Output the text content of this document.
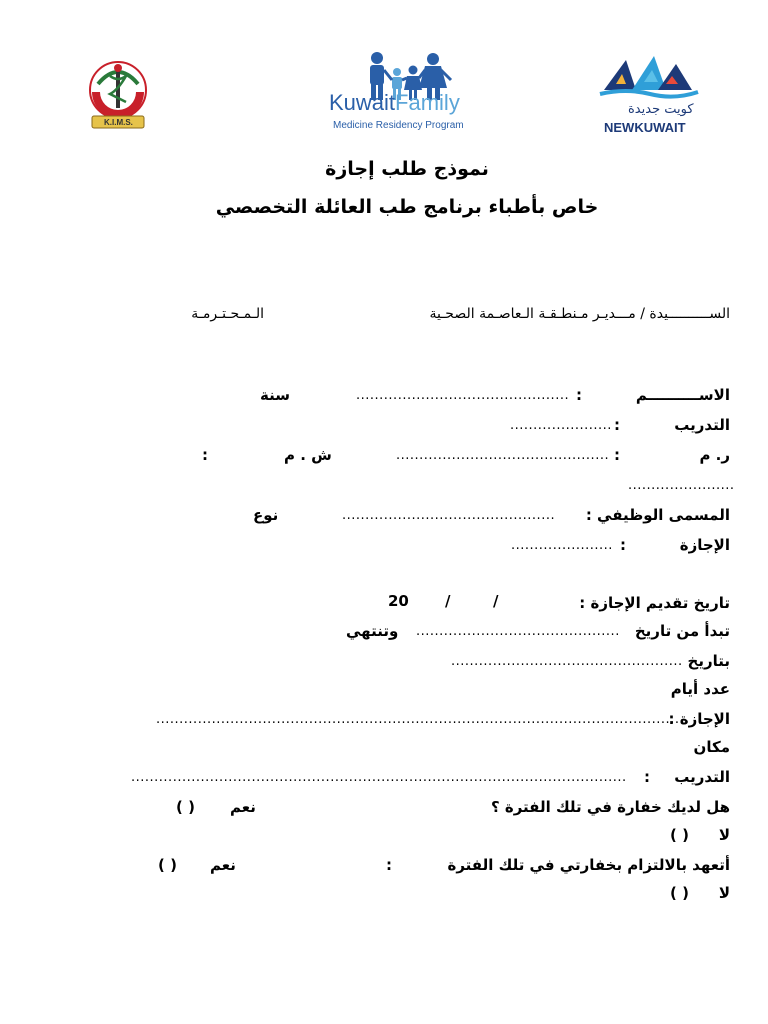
K.I.M.S.
KuwaitFamily
Medicine Residency Program
كويت جديدة
NEWKUWAIT
نموذج طلب إجازة
خاص بأطباء برنامج طب العائلة التخصصي
الســــــــــيدة / مـــديـر مـنطـقـة الـعاصـمة الصحـية
الـمـحـتـرمـة
الاســــــــــم
:
..............................................
سنة
التدريب
:
......................
ر. م
:
..............................................
ش . م
:
.......................
المسمى الوظيفي :
..............................................
نوع
الإجازة
:
......................
تاريخ تقديم الإجازة :
/
/
20
تبدأ من تاريخ
............................................
وتنتهي
بتاريخ
..................................................
عدد أيام
الإجازة :
...................................................................................................................
مكان
التدريب
:
...........................................................................................................
هل لديك خفارة في تلك الفترة ؟
نعم
( )
لا
( )
أتعهد بالالتزام بخفارتي في تلك الفترة
:
نعم
( )
لا
( )
